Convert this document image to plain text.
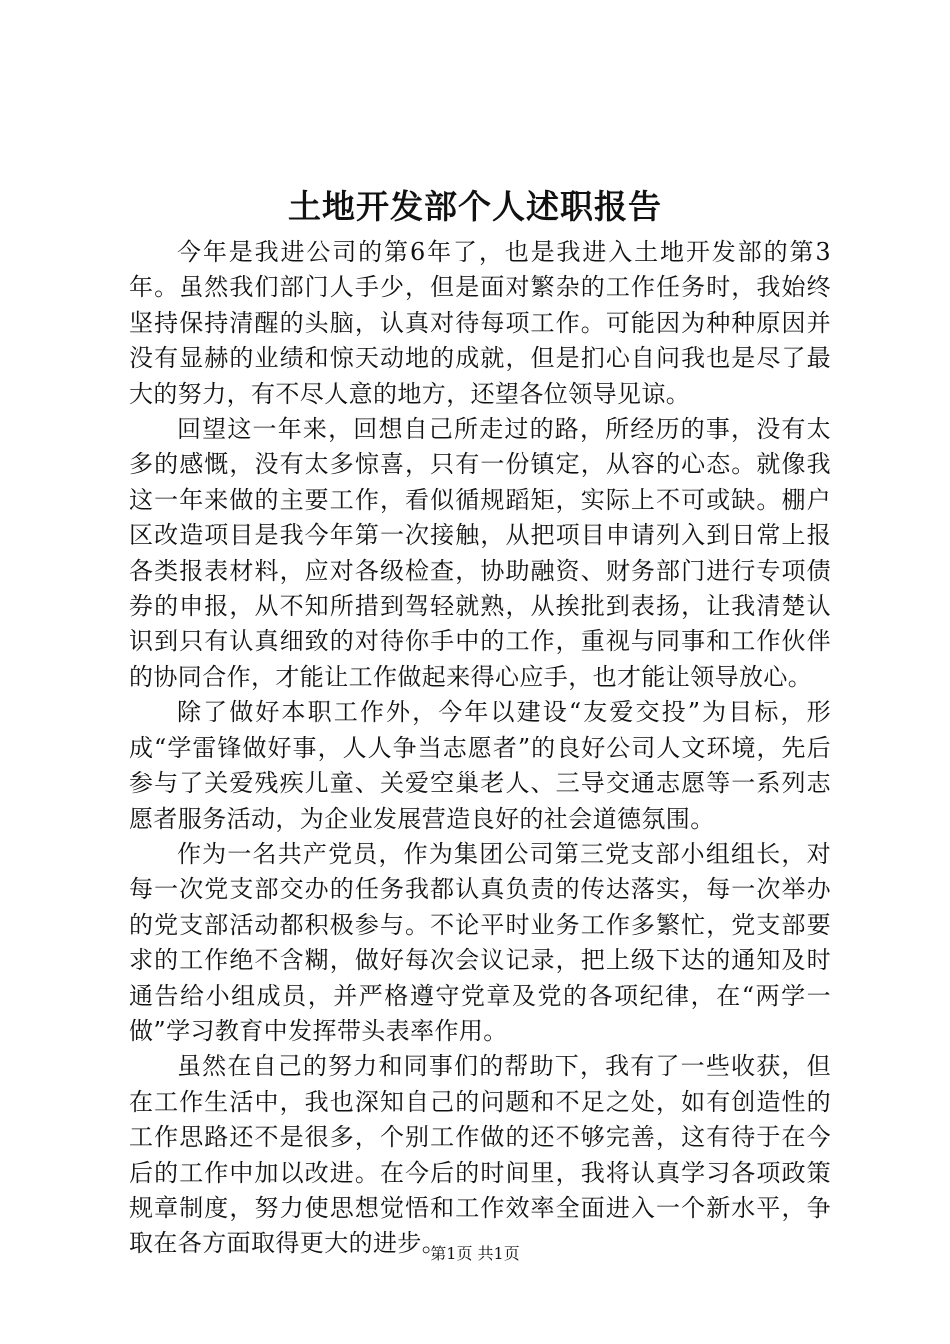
土地开发部个人述职报告

今年是我进公司的第6年了，也是我进入土地开发部的第3年。虽然我们部门人手少，但是面对繁杂的工作任务时，我始终坚持保持清醒的头脑，认真对待每项工作。可能因为种种原因并没有显赫的业绩和惊天动地的成就，但是扪心自问我也是尽了最大的努力，有不尽人意的地方，还望各位领导见谅。

回望这一年来，回想自己所走过的路，所经历的事，没有太多的感慨，没有太多惊喜，只有一份镇定，从容的心态。就像我这一年来做的主要工作，看似循规蹈矩，实际上不可或缺。棚户区改造项目是我今年第一次接触，从把项目申请列入到日常上报各类报表材料，应对各级检查，协助融资、财务部门进行专项债券的申报，从不知所措到驾轻就熟，从挨批到表扬，让我清楚认识到只有认真细致的对待你手中的工作，重视与同事和工作伙伴的协同合作，才能让工作做起来得心应手，也才能让领导放心。

除了做好本职工作外，今年以建设“友爱交投”为目标，形成“学雷锋做好事，人人争当志愿者”的良好公司人文环境，先后参与了关爱残疾儿童、关爱空巢老人、三导交通志愿等一系列志愿者服务活动，为企业发展营造良好的社会道德氛围。

作为一名共产党员，作为集团公司第三党支部小组组长，对每一次党支部交办的任务我都认真负责的传达落实，每一次举办的党支部活动都积极参与。不论平时业务工作多繁忙，党支部要求的工作绝不含糊，做好每次会议记录，把上级下达的通知及时通告给小组成员，并严格遵守党章及党的各项纪律，在“两学一做”学习教育中发挥带头表率作用。

虽然在自己的努力和同事们的帮助下，我有了一些收获，但在工作生活中，我也深知自己的问题和不足之处，如有创造性的工作思路还不是很多，个别工作做的还不够完善，这有待于在今后的工作中加以改进。在今后的时间里，我将认真学习各项政策规章制度，努力使思想觉悟和工作效率全面进入一个新水平，争取在各方面取得更大的进步。

第1页 共1页
